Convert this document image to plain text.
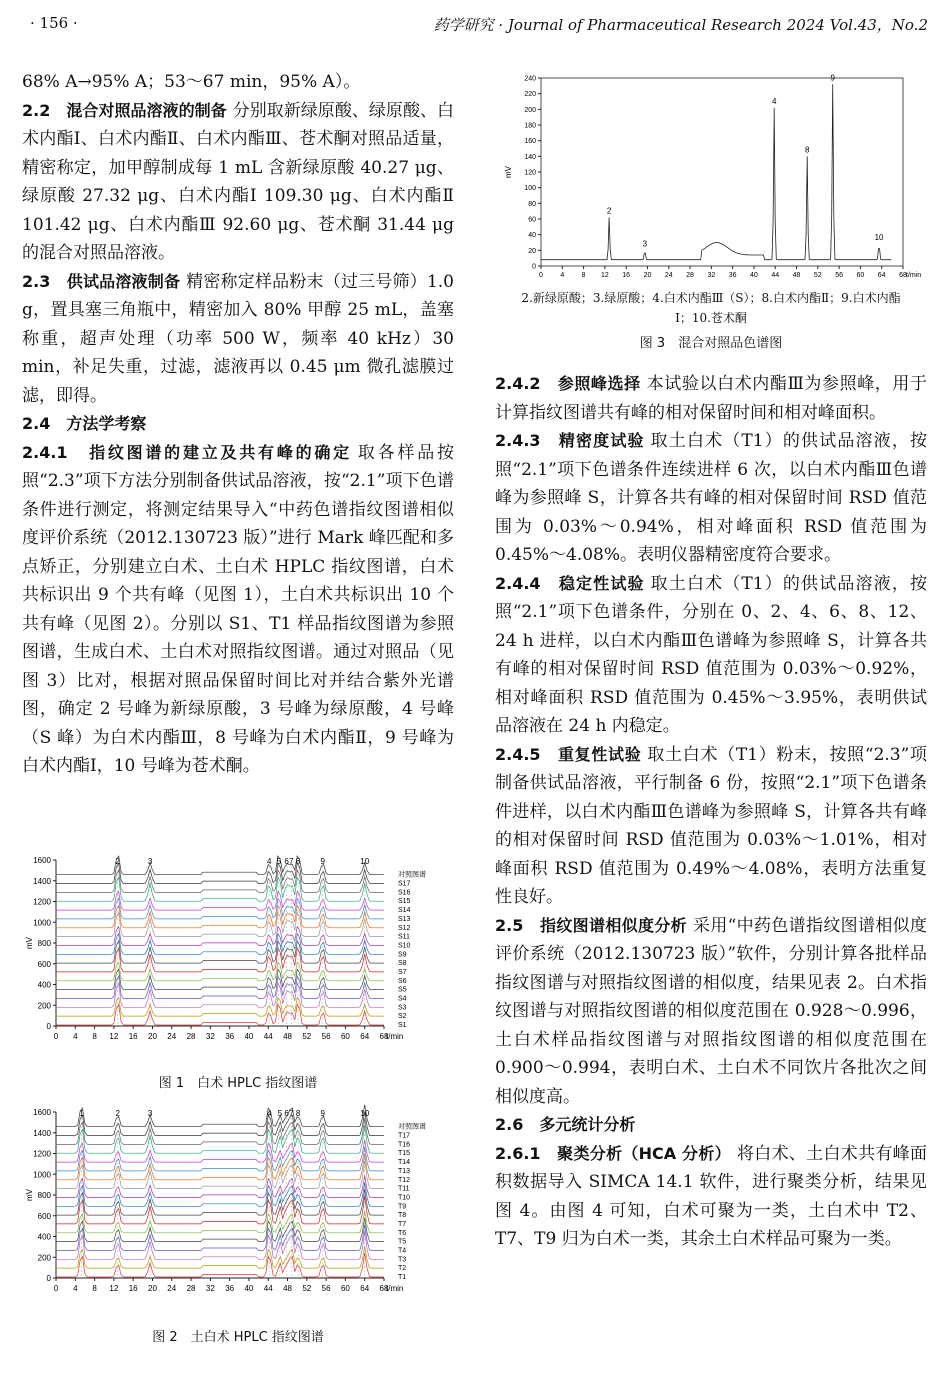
· 156 ·	药学研究 · Journal of Pharmaceutical Research 2024 Vol.43，No.2

68% A→95% A；53～67 min，95% A）。

2.2　混合对照品溶液的制备 分别取新绿原酸、绿原酸、白术内酯Ⅰ、白术内酯Ⅱ、白术内酯Ⅲ、苍术酮对照品适量，精密称定，加甲醇制成每 1 mL 含新绿原酸 40.27 μg、绿原酸 27.32 μg、白术内酯Ⅰ 109.30 μg、白术内酯Ⅱ 101.42 μg、白术内酯Ⅲ 92.60 μg、苍术酮 31.44 μg 的混合对照品溶液。

2.3　供试品溶液制备 精密称定样品粉末（过三号筛）1.0 g，置具塞三角瓶中，精密加入 80% 甲醇 25 mL，盖塞称重，超声处理（功率 500 W，频率 40 kHz）30 min，补足失重，过滤，滤液再以 0.45 μm 微孔滤膜过滤，即得。

2.4　方法学考察

2.4.1　指纹图谱的建立及共有峰的确定 取各样品按照“2.3”项下方法分别制备供试品溶液，按“2.1”项下色谱条件进行测定，将测定结果导入“中药色谱指纹图谱相似度评价系统（2012.130723 版）”进行 Mark 峰匹配和多点矫正，分别建立白术、土白术 HPLC 指纹图谱，白术共标识出 9 个共有峰（见图 1），土白术共标识出 10 个共有峰（见图 2）。分别以 S1、T1 样品指纹图谱为参照图谱，生成白术、土白术对照指纹图谱。通过对照品（见图 3）比对，根据对照品保留时间比对并结合紫外光谱图，确定 2 号峰为新绿原酸，3 号峰为绿原酸，4 号峰（S 峰）为白术内酯Ⅲ，8 号峰为白术内酯Ⅱ，9 号峰为白术内酯Ⅰ，10 号峰为苍术酮。

0 4 8 12 16 20 24 28 32 36 40 44 48 52 56 60 64 68
t/min
0
200
400
600
800
1000
1200
1400
1600
mV
对照图谱
S17
S16
S15
S14
S13
S12
S11
S10
S9
S8
S7
S6
S5
S4
S3
S2
S1
2	3	4 5 6 7 8	9	10
图 1　白术 HPLC 指纹图谱
0 4 8 12 16 20 24 28 32 36 40 44 48 52 56 60 64 68
t/min
0
200
400
600
800
1000
1200
1400
1600
mV
对照图谱
T17
T16
T15
T14
T13
T12
T11
T10
T9
T8
T7
T6
T5
T4
T3
T2
T1
1	2	3	4 5 6 7 8	9	10
图 2　土白术 HPLC 指纹图谱
0 4 8 12 16 20 24 28 32 36 40 44 48 52 56 60 64 68 t/min
0
20
40
60
80
100
120
140
160
180
200
220
240
mV
2
3
4
8
9
10
2.新绿原酸；3.绿原酸；4.白术内酯Ⅲ（S）；8.白术内酯Ⅱ；9.白术内酯Ⅰ；10.苍术酮
图 3　混合对照品色谱图

2.4.2　参照峰选择 本试验以白术内酯Ⅲ为参照峰，用于计算指纹图谱共有峰的相对保留时间和相对峰面积。

2.4.3　精密度试验 取土白术（T1）的供试品溶液，按照“2.1”项下色谱条件连续进样 6 次，以白术内酯Ⅲ色谱峰为参照峰 S，计算各共有峰的相对保留时间 RSD 值范围为 0.03%～0.94%，相对峰面积 RSD 值范围为 0.45%～4.08%。表明仪器精密度符合要求。

2.4.4　稳定性试验 取土白术（T1）的供试品溶液，按照“2.1”项下色谱条件，分别在 0、2、4、6、8、12、24 h 进样，以白术内酯Ⅲ色谱峰为参照峰 S，计算各共有峰的相对保留时间 RSD 值范围为 0.03%～0.92%，相对峰面积 RSD 值范围为 0.45%～3.95%，表明供试品溶液在 24 h 内稳定。

2.4.5　重复性试验 取土白术（T1）粉末，按照“2.3”项制备供试品溶液，平行制备 6 份，按照“2.1”项下色谱条件进样，以白术内酯Ⅲ色谱峰为参照峰 S，计算各共有峰的相对保留时间 RSD 值范围为 0.03%～1.01%，相对峰面积 RSD 值范围为 0.49%～4.08%，表明方法重复性良好。

2.5　指纹图谱相似度分析 采用“中药色谱指纹图谱相似度评价系统（2012.130723 版）”软件，分别计算各批样品指纹图谱与对照指纹图谱的相似度，结果见表 2。白术指纹图谱与对照指纹图谱的相似度范围在 0.928～0.996，土白术样品指纹图谱与对照指纹图谱的相似度范围在 0.900～0.994，表明白术、土白术不同饮片各批次之间相似度高。

2.6　多元统计分析

2.6.1　聚类分析（HCA 分析） 将白术、土白术共有峰面积数据导入 SIMCA 14.1 软件，进行聚类分析，结果见图 4。由图 4 可知，白术可聚为一类，土白术中 T2、T7、T9 归为白术一类，其余土白术样品可聚为一类。
